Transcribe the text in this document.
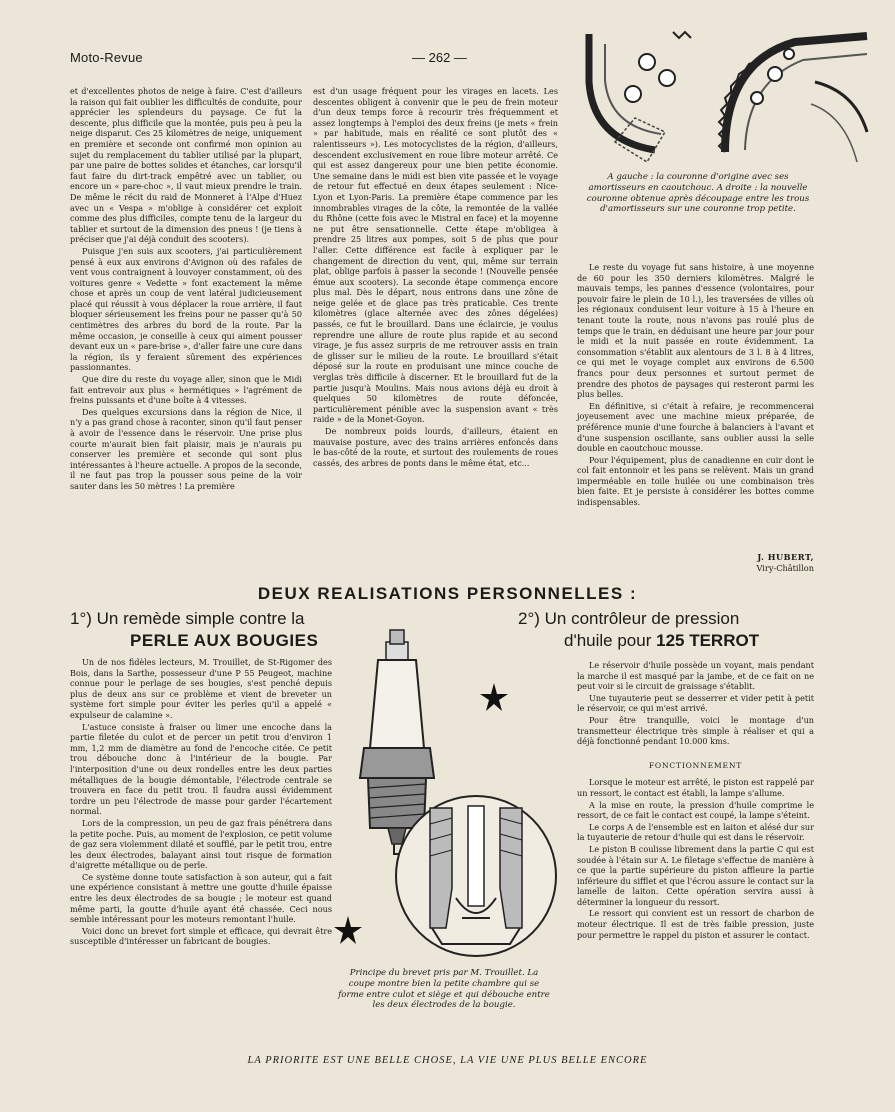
Moto-Revue	— 262 —

et d'excellentes photos de neige à faire. C'est d'ailleurs la raison qui fait oublier les difficultés de conduite, pour apprécier les splendeurs du paysage. Ce fut la descente, plus difficile que la montée, puis peu à peu la neige disparut. Ces 25 kilomètres de neige, uniquement en première et seconde ont confirmé mon opinion au sujet du remplacement du tablier utilisé par la plupart, par une paire de bottes solides et étanches, car lorsqu'il faut faire du dirt-track empêtré avec un tablier, ou encore un « pare-choc », il vaut mieux prendre le train. De même le récit du raid de Monneret à l'Alpe d'Huez avec un « Vespa » m'oblige à considérer cet exploit comme des plus difficiles, compte tenu de la largeur du tablier et surtout de la dimension des pneus ! (je tiens à préciser que j'ai déjà conduit des scooters).

Puisque j'en suis aux scooters, j'ai particulièrement pensé à eux aux environs d'Avignon où des rafales de vent vous contraignent à louvoyer constamment, où des voitures genre « Vedette » font exactement la même chose et après un coup de vent latéral judicieusement placé qui réussit à vous déplacer la roue arrière, il faut bloquer sérieusement les freins pour ne passer qu'à 50 centimètres des arbres du bord de la route. Par la même occasion, je conseille à ceux qui aiment pousser devant eux un « pare-brise », d'aller faire une cure dans la région, ils y feraient sûrement des expériences passionnantes.

Que dire du reste du voyage aller, sinon que le Midi fait entrevoir aux plus « hermétiques » l'agrément de freins puissants et d'une boîte à 4 vitesses.

Des quelques excursions dans la région de Nice, il n'y a pas grand chose à raconter, sinon qu'il faut penser à avoir de l'essence dans le réservoir. Une prise plus courte m'aurait bien fait plaisir, mais je n'aurais pu conserver les première et seconde qui sont plus intéressantes à l'heure actuelle. A propos de la seconde, il ne faut pas trop la pousser sous peine de la voir sauter dans les 50 mètres ! La première

est d'un usage fréquent pour les virages en lacets. Les descentes obligent à convenir que le peu de frein moteur d'un deux temps force à recourir très fréquemment et assez longtemps à l'emploi des deux freins (je mets « frein » par habitude, mais en réalité ce sont plutôt des « ralentisseurs »). Les motocyclistes de la région, d'ailleurs, descendent exclusivement en roue libre moteur arrêté. Ce qui est assez dangereux pour une bien petite économie. Une semaine dans le midi est bien vite passée et le voyage de retour fut effectué en deux étapes seulement : Nice-Lyon et Lyon-Paris. La première étape commence par les innombrables virages de la côte, la remontée de la vallée du Rhône (cette fois avec le Mistral en face) et la moyenne ne put être sensationnelle. Cette étape m'obligea à prendre 25 litres aux pompes, soit 5 de plus que pour l'aller. Cette différence est facile à expliquer par le changement de direction du vent, qui, même sur terrain plat, oblige parfois à passer la seconde ! (Nouvelle pensée émue aux scooters). La seconde étape commença encore plus mal. Dès le départ, nous entrons dans une zône de neige gelée et de glace pas très praticable. Ces trente kilomètres (glace alternée avec des zônes dégelées) passés, ce fut le brouillard. Dans une éclaircie, je voulus reprendre une allure de route plus rapide et au second virage, je fus assez surpris de me retrouver assis en train de glisser sur le milieu de la route. Le brouillard s'était déposé sur la route en produisant une mince couche de verglas très difficile à discerner. Et le brouillard fut de la partie jusqu'à Moulins. Mais nous avions déjà eu droit à quelques 50 kilomètres de route défoncée, particulièrement pénible avec la suspension avant « très raide » de la Monet-Goyon.

De nombreux poids lourds, d'ailleurs, étaient en mauvaise posture, avec des trains arrières enfoncés dans le bas-côté de la route, et surtout des roulements de roues cassés, des arbres de ponts dans le même état, etc...

A gauche : la couronne d'origine avec ses amortisseurs en caoutchouc. A droite : la nouvelle couronne obtenue après découpage entre les trous d'amortisseurs sur une couronne trop petite.

Le reste du voyage fut sans histoire, à une moyenne de 60 pour les 350 derniers kilomètres. Malgré le mauvais temps, les pannes d'essence (volontaires, pour pouvoir faire le plein de 10 l.), les traversées de villes où les régionaux conduisent leur voiture à 15 à l'heure en tenant toute la route, nous n'avons pas roulé plus de temps que le train, en déduisant une heure par jour pour le midi et la nuit passée en route évidemment. La consommation s'établit aux alentours de 3 l. 8 à 4 litres, ce qui met le voyage complet aux environs de 6.500 francs pour deux personnes et surtout permet de prendre des photos de paysages qui resteront parmi les plus belles.

En définitive, si c'était à refaire, je recommencerai joyeusement avec une machine mieux préparée, de préférence munie d'une fourche à balanciers à l'avant et d'une suspension oscillante, sans oublier aussi la selle double en caoutchouc mousse.

Pour l'équipement, plus de canadienne en cuir dont le col fait entonnoir et les pans se relèvent. Mais un grand imperméable en toile huilée ou une combinaison très bien faite. Et je persiste à considérer les bottes comme indispensables.

J. HUBERT,
Viry-Châtillon
DEUX REALISATIONS PERSONNELLES :
1°) Un remède simple contre la
PERLE AUX BOUGIES
2°) Un contrôleur de pression
d'huile pour 125 TERROT

Un de nos fidèles lecteurs, M. Trouillet, de St-Rigomer des Bois, dans la Sarthe, possesseur d'une P 55 Peugeot, machine connue pour le perlage de ses bougies, s'est penché depuis plus de deux ans sur ce problème et vient de breveter un système fort simple pour éviter les perles qu'il a appelé « expulseur de calamine ».

L'astuce consiste à fraiser ou limer une encoche dans la partie filetée du culot et de percer un petit trou d'environ 1 mm, 1,2 mm de diamètre au fond de l'encoche citée. Ce petit trou débouche donc à l'intérieur de la bougie. Par l'interposition d'une ou deux rondelles entre les deux parties métalliques de la bougie démontable, l'électrode centrale se trouvera en face du petit trou. Il faudra aussi évidemment tordre un peu l'électrode de masse pour garder l'écartement normal.

Lors de la compression, un peu de gaz frais pénétrera dans la petite poche. Puis, au moment de l'explosion, ce petit volume de gaz sera violemment dilaté et soufflé, par le petit trou, entre les deux électrodes, balayant ainsi tout risque de formation d'aigrette métallique ou de perle.

Ce système donne toute satisfaction à son auteur, qui a fait une expérience consistant à mettre une goutte d'huile épaisse entre les deux électrodes de sa bougie ; le moteur est quand même parti, la goutte d'huile ayant été chassée. Ceci nous semble intéressant pour les moteurs remontant l'huile.

Voici donc un brevet fort simple et efficace, qui devrait être susceptible d'intéresser un fabricant de bougies.

Principe du brevet pris par M. Trouillet. La coupe montre bien la petite chambre qui se forme entre culot et siège et qui débouche entre les deux électrodes de la bougie.

Le réservoir d'huile possède un voyant, mais pendant la marche il est masqué par la jambe, et de ce fait on ne peut voir si le circuit de graissage s'établit.

Une tuyauterie peut se desserrer et vider petit à petit le réservoir, ce qui m'est arrivé.

Pour être tranquille, voici le montage d'un transmetteur électrique très simple à réaliser et qui a déjà fonctionné pendant 10.000 kms.

FONCTIONNEMENT

Lorsque le moteur est arrêté, le piston est rappelé par un ressort, le contact est établi, la lampe s'allume.

A la mise en route, la pression d'huile comprime le ressort, de ce fait le contact est coupé, la lampe s'éteint.

Le corps A de l'ensemble est en laiton et alésé dur sur la tuyauterie de retour d'huile qui est dans le réservoir.

Le piston B coulisse librement dans la partie C qui est soudée à l'étain sur A. Le filetage s'effectue de manière à ce que la partie supérieure du piston affleure la partie inférieure du sifflet et que l'écrou assure le contact sur la lamelle de laiton. Cette opération servira aussi à déterminer la longueur du ressort.

Le ressort qui convient est un ressort de charbon de moteur électrique. Il est de très faible pression, juste pour permettre le rappel du piston et assurer le contact.

LA PRIORITE EST UNE BELLE CHOSE, LA VIE UNE PLUS BELLE ENCORE
